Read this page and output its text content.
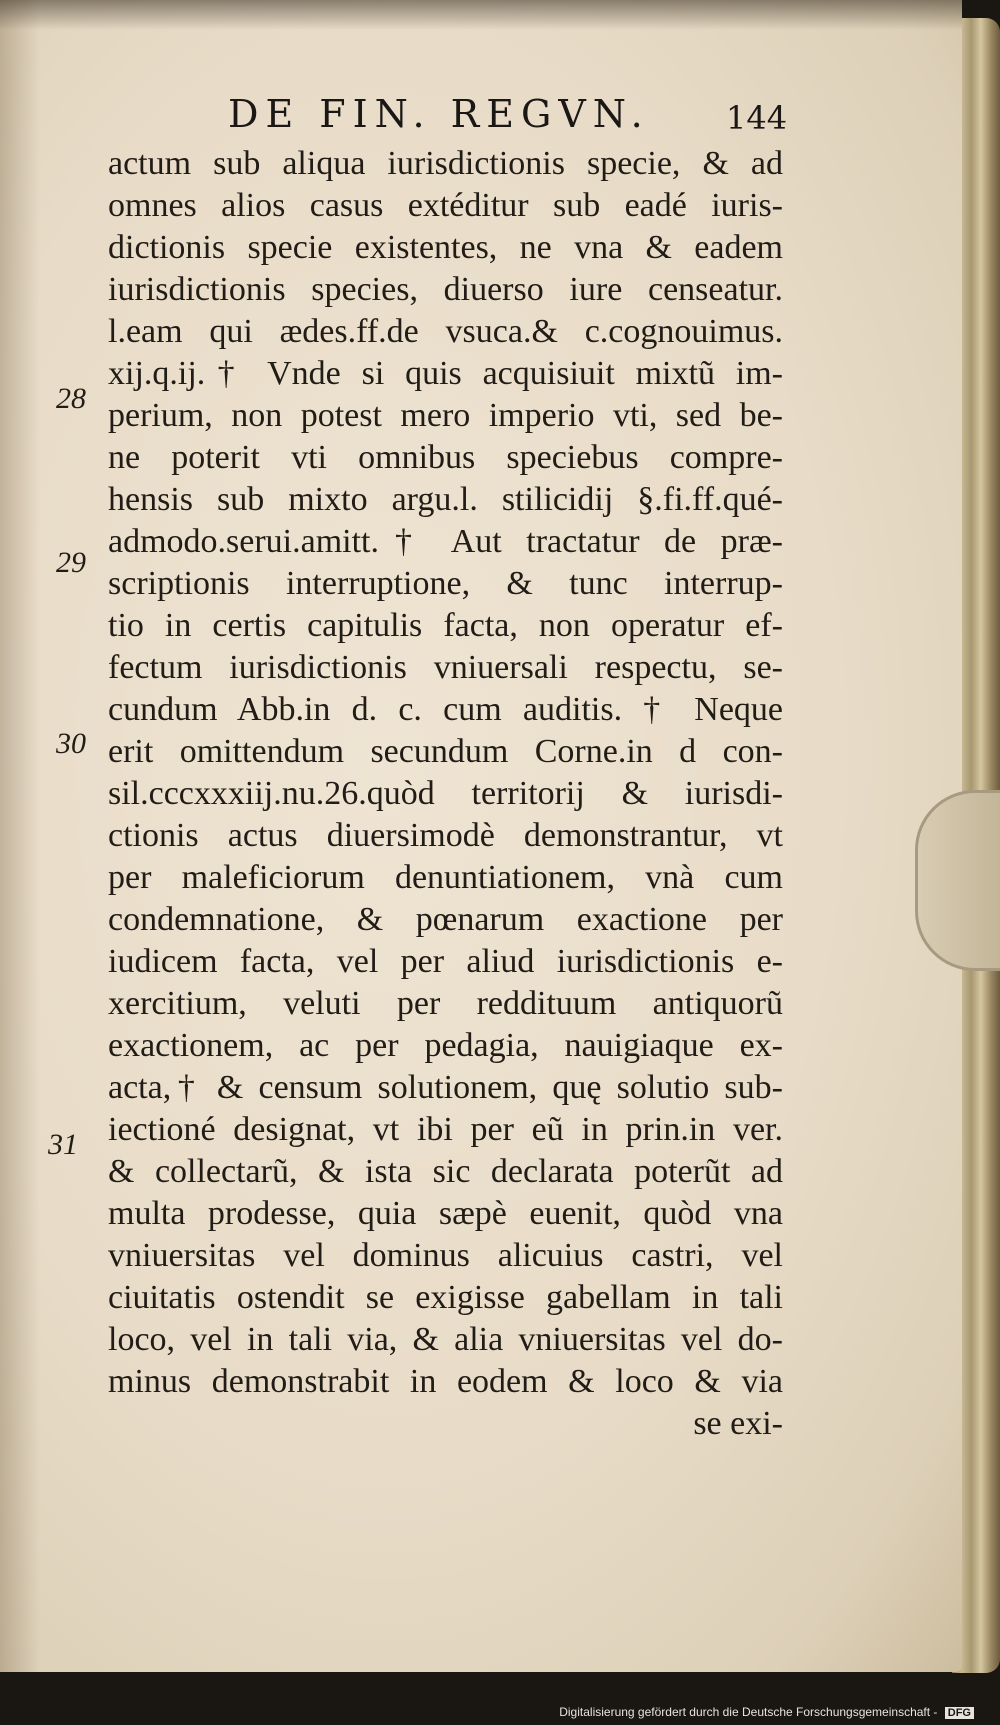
DE FIN. REGVN. 144
actum sub aliqua iurisdictionis specie, & ad
omnes alios casus extéditur sub eadé iuris-
dictionis specie existentes, ne vna & eadem
iurisdictionis species, diuerso iure censeatur.
l.eam qui ædes.ff.de vsuca.& c.cognouimus.
xij.q.ij.† Vnde si quis acquisiuit mixtũ im-
perium, non potest mero imperio vti, sed be-
ne poterit vti omnibus speciebus compre-
hensis sub mixto argu.l. stilicidij §.fi.ff.qué-
admodo.serui.amitt.† Aut tractatur de præ-
scriptionis interruptione, & tunc interrup-
tio in certis capitulis facta, non operatur ef-
fectum iurisdictionis vniuersali respectu, se-
cundum Abb.in d. c. cum auditis. † Neque
erit omittendum secundum Corne.in d con-
sil.cccxxxiij.nu.26.quòd territorij & iurisdi-
ctionis actus diuersimodè demonstrantur, vt
per maleficiorum denuntiationem, vnà cum
condemnatione, & pœnarum exactione per
iudicem facta, vel per aliud iurisdictionis e-
xercitium, veluti per reddituum antiquorũ
exactionem, ac per pedagia, nauigiaque ex-
acta,† & censum solutionem, quę solutio sub-
iectioné designat, vt ibi per eũ in prin.in ver.
& collectarũ, & ista sic declarata poterũt ad
multa prodesse, quia sæpè euenit, quòd vna
vniuersitas vel dominus alicuius castri, vel
ciuitatis ostendit se exigisse gabellam in tali
loco, vel in tali via, & alia vniuersitas vel do-
minus demonstrabit in eodem & loco & via
se exi-
28
29
30
31
Digitalisierung gefördert durch die Deutsche Forschungsgemeinschaft - DFG
